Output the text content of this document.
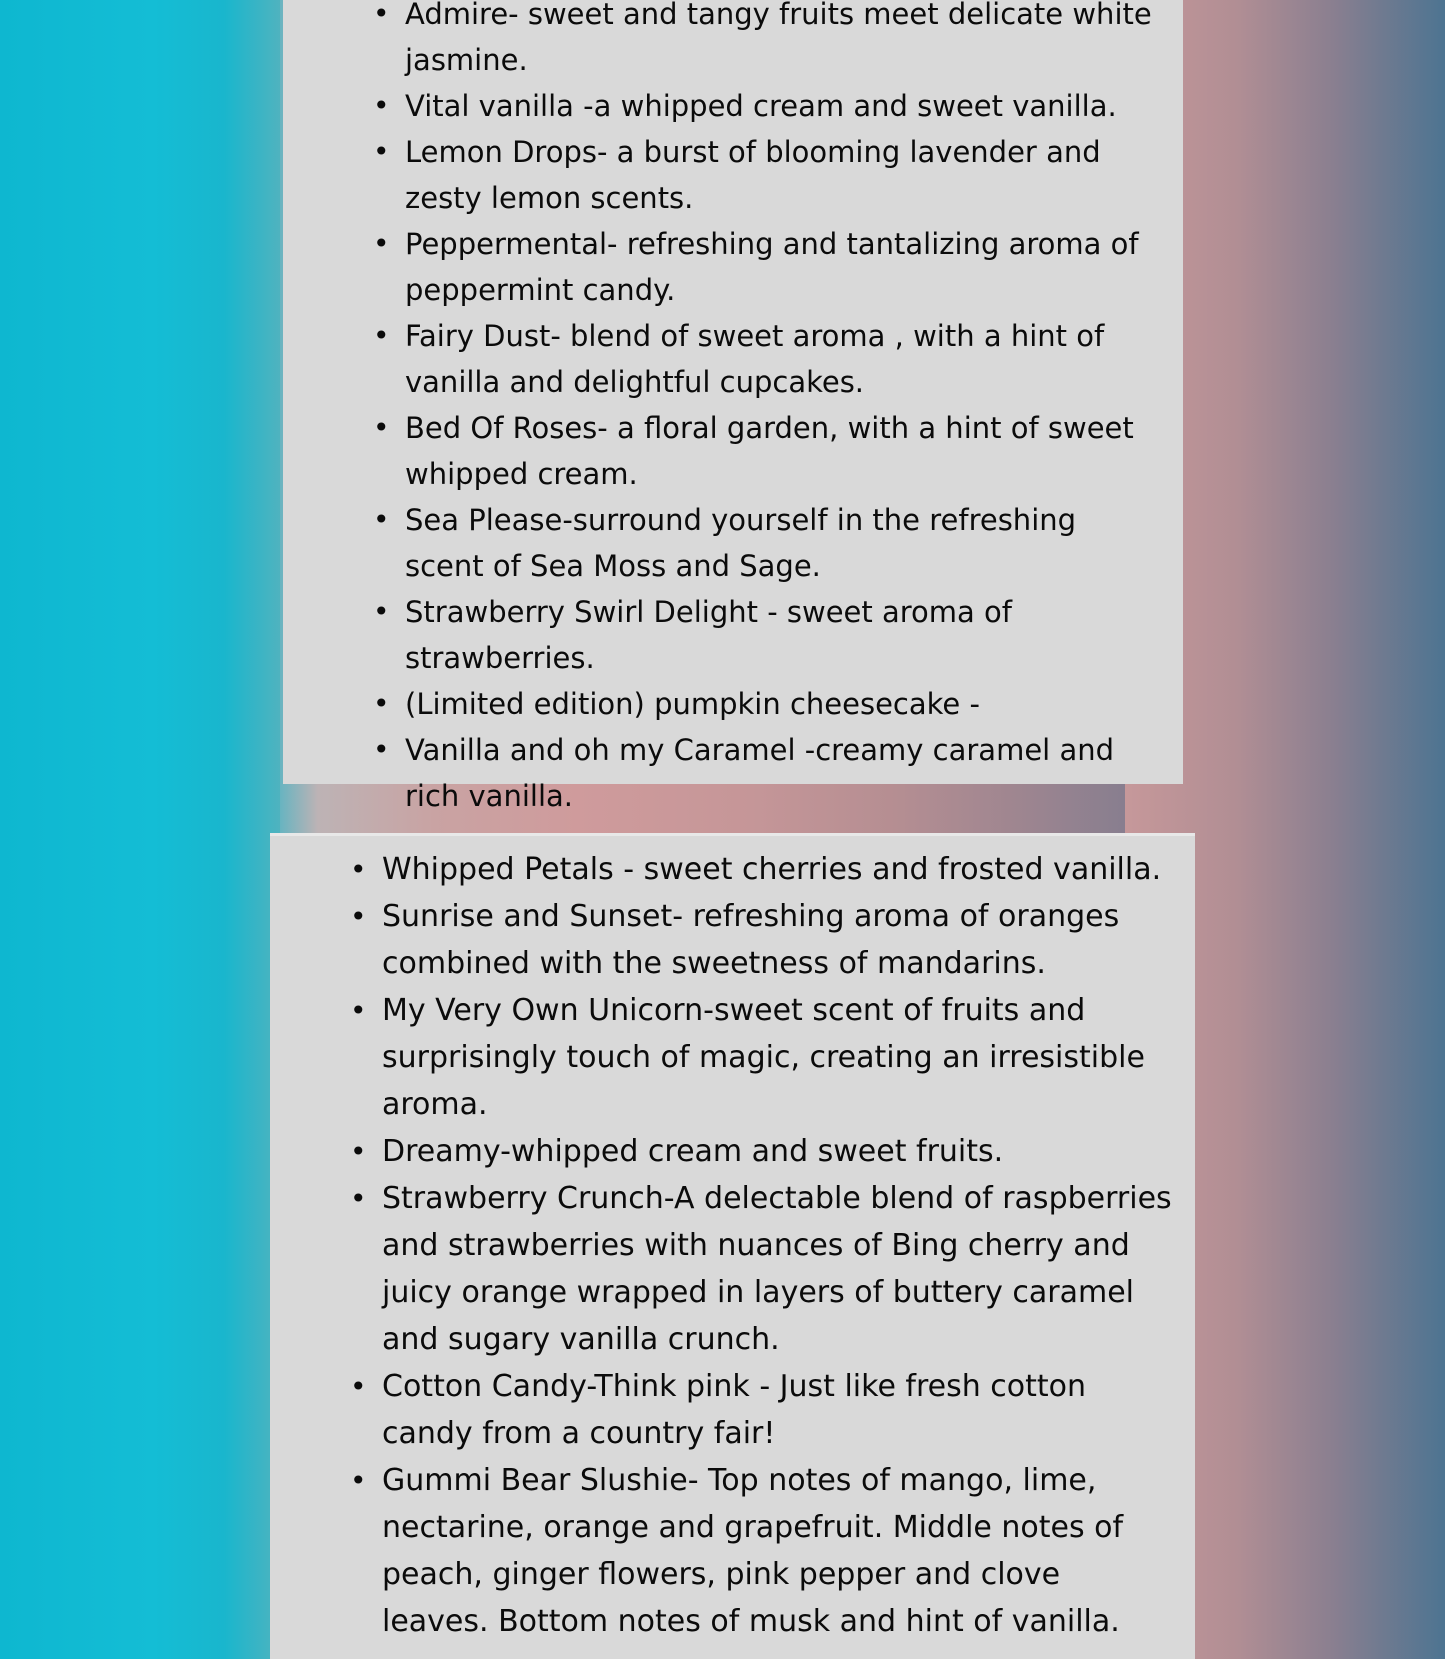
• Admire- sweet and tangy fruits meet delicate white jasmine.
• Vital vanilla -a whipped cream and sweet vanilla.
• Lemon Drops- a burst of blooming lavender and zesty lemon scents.
• Peppermental- refreshing and tantalizing aroma of peppermint candy.
• Fairy Dust- blend of sweet aroma , with a hint of vanilla and delightful cupcakes.
• Bed Of Roses- a floral garden, with a hint of sweet whipped cream.
• Sea Please-surround yourself in the refreshing scent of Sea Moss and Sage.
• Strawberry Swirl Delight - sweet aroma of strawberries.
• (Limited edition) pumpkin cheesecake -
• Vanilla and oh my Caramel -creamy caramel and rich vanilla.
• Whipped Petals - sweet cherries and frosted vanilla.
• Sunrise and Sunset- refreshing aroma of oranges combined with the sweetness of mandarins.
• My Very Own Unicorn-sweet scent of fruits and surprisingly touch of magic, creating an irresistible aroma.
• Dreamy-whipped cream and sweet fruits.
• Strawberry Crunch-A delectable blend of raspberries and strawberries with nuances of Bing cherry and juicy orange wrapped in layers of buttery caramel and sugary vanilla crunch.
• Cotton Candy-Think pink - Just like fresh cotton candy from a country fair!
• Gummi Bear Slushie- Top notes of mango, lime, nectarine, orange and grapefruit. Middle notes of peach, ginger flowers, pink pepper and clove leaves. Bottom notes of musk and hint of vanilla.
